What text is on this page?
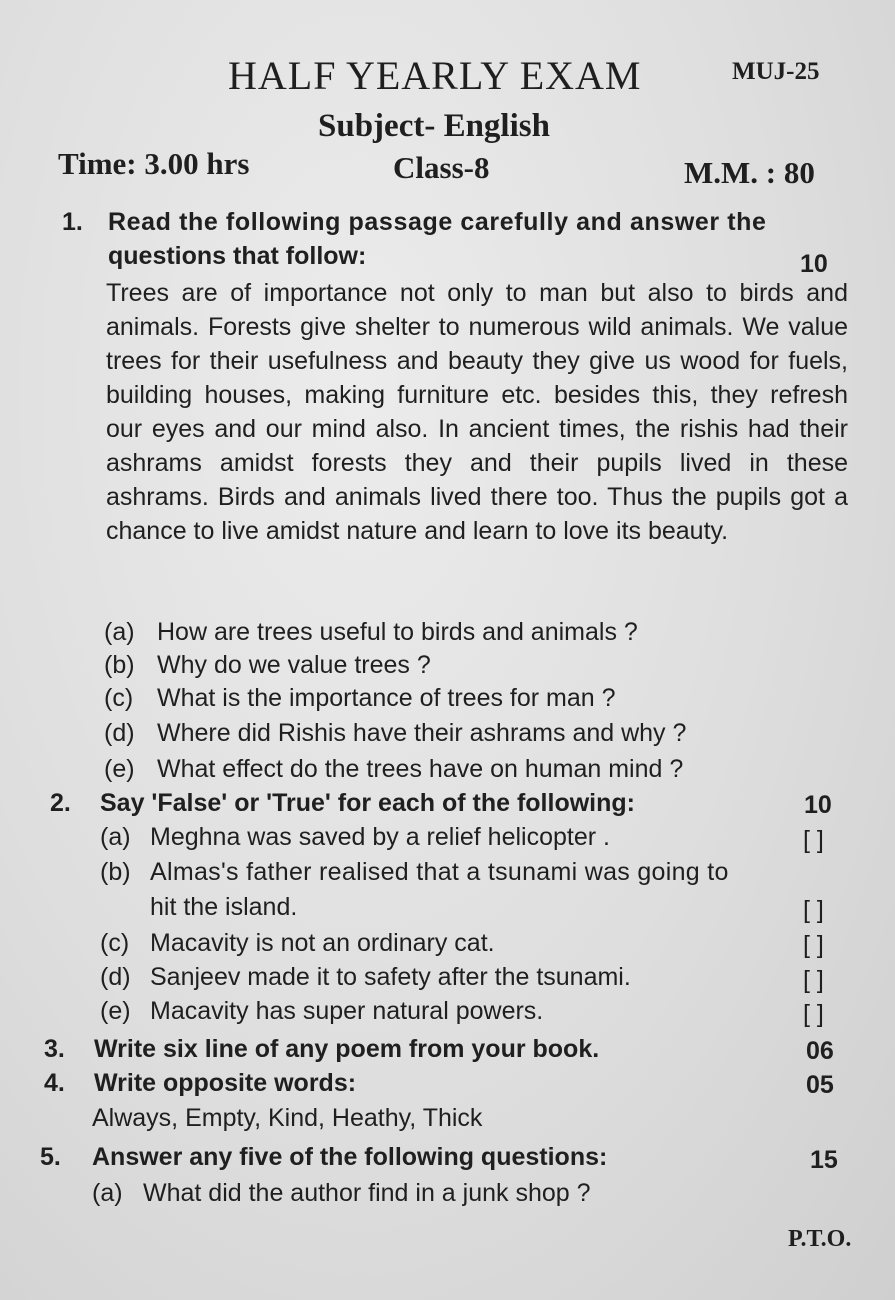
HALF YEARLY EXAM	MUJ-25
Subject- English
Time: 3.00 hrs	Class-8	M.M. : 80
1. Read the following passage carefully and answer the
questions that follow:	10
Trees are of importance not only to man but also to birds and animals. Forests give shelter to numerous wild animals. We value trees for their usefulness and beauty they give us wood for fuels, building houses, making furniture etc. besides this, they refresh our eyes and our mind also. In ancient times, the rishis had their ashrams amidst forests they and their pupils lived in these ashrams. Birds and animals lived there too. Thus the pupils got a chance to live amidst nature and learn to love its beauty.
(a) How are trees useful to birds and animals ?
(b) Why do we value trees ?
(c) What is the importance of trees for man ?
(d) Where did Rishis have their ashrams and why ?
(e) What effect do the trees have on human mind ?
2. Say 'False' or 'True' for each of the following:	10
(a) Meghna was saved by a relief helicopter .	[ ]
(b) Almas's father realised that a tsunami was going to
hit the island.	[ ]
(c) Macavity is not an ordinary cat.	[ ]
(d) Sanjeev made it to safety after the tsunami.	[ ]
(e) Macavity has super natural powers.	[ ]
3. Write six line of any poem from your book.	06
4. Write opposite words:	05
Always, Empty, Kind, Heathy, Thick
5. Answer any five of the following questions:	15
(a) What did the author find in a junk shop ?
P.T.O.
